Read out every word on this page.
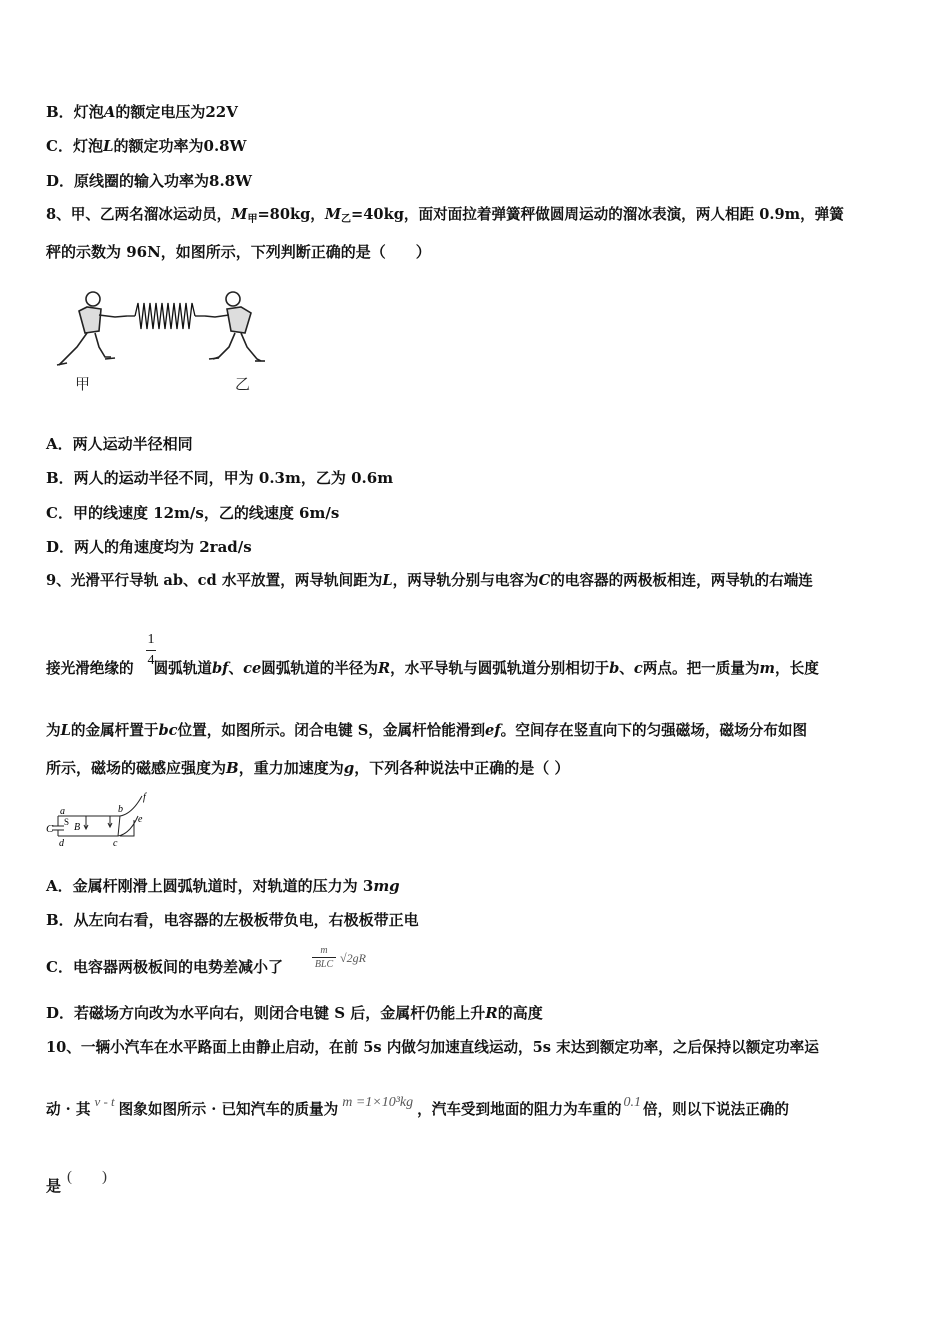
B．灯泡A的额定电压为22V
C．灯泡L的额定功率为0.8W
D．原线圈的输入功率为8.8W
8、甲、乙两名溜冰运动员，$M_甲=80kg$，$M_乙=40kg$，面对面拉着弹簧秤做圆周运动的溜冰表演，两人相距 0.9m，弹簧
秤的示数为 96N，如图所示，下列判断正确的是（　　）
甲	乙
A．两人运动半径相同
B．两人的运动半径不同，甲为 0.3m，乙为 0.6m
C．甲的线速度 12m/s，乙的线速度 6m/s
D．两人的角速度均为 2rad/s
9、光滑平行导轨 ab、cd 水平放置，两导轨间距为L，两导轨分别与电容为C的电容器的两极板相连，两导轨的右端连
1
4
接光滑绝缘的 圆弧轨道bf、ce圆弧轨道的半径为R，水平导轨与圆弧轨道分别相切于b、c两点。把一质量为m，长度
为L的金属杆置于bc位置，如图所示。闭合电键 S，金属杆恰能滑到ef。空间存在竖直向下的匀强磁场，磁场分布如图
所示，磁场的磁感应强度为B，重力加速度为g，下列各种说法中正确的是（ ）
a
d
C
S B
b
c
e
f
A．金属杆刚滑上圆弧轨道时，对轨道的压力为 3mg
B．从左向右看，电容器的左极板带负电，右极板带正电
C．电容器两极板间的电势差减小了
m
BLC √2gR
D．若磁场方向改为水平向右，则闭合电键 S 后，金属杆仍能上升R的高度
10、一辆小汽车在水平路面上由静止启动，在前 5s 内做匀加速直线运动，5s 末达到额定功率，之后保持以额定功率运
动 · 其 v - t 图象如图所示 · 已知汽车的质量为 m =1×10³kg ，汽车受到地面的阻力为车重的 0.1 倍，则以下说法正确的
是 (　　)
